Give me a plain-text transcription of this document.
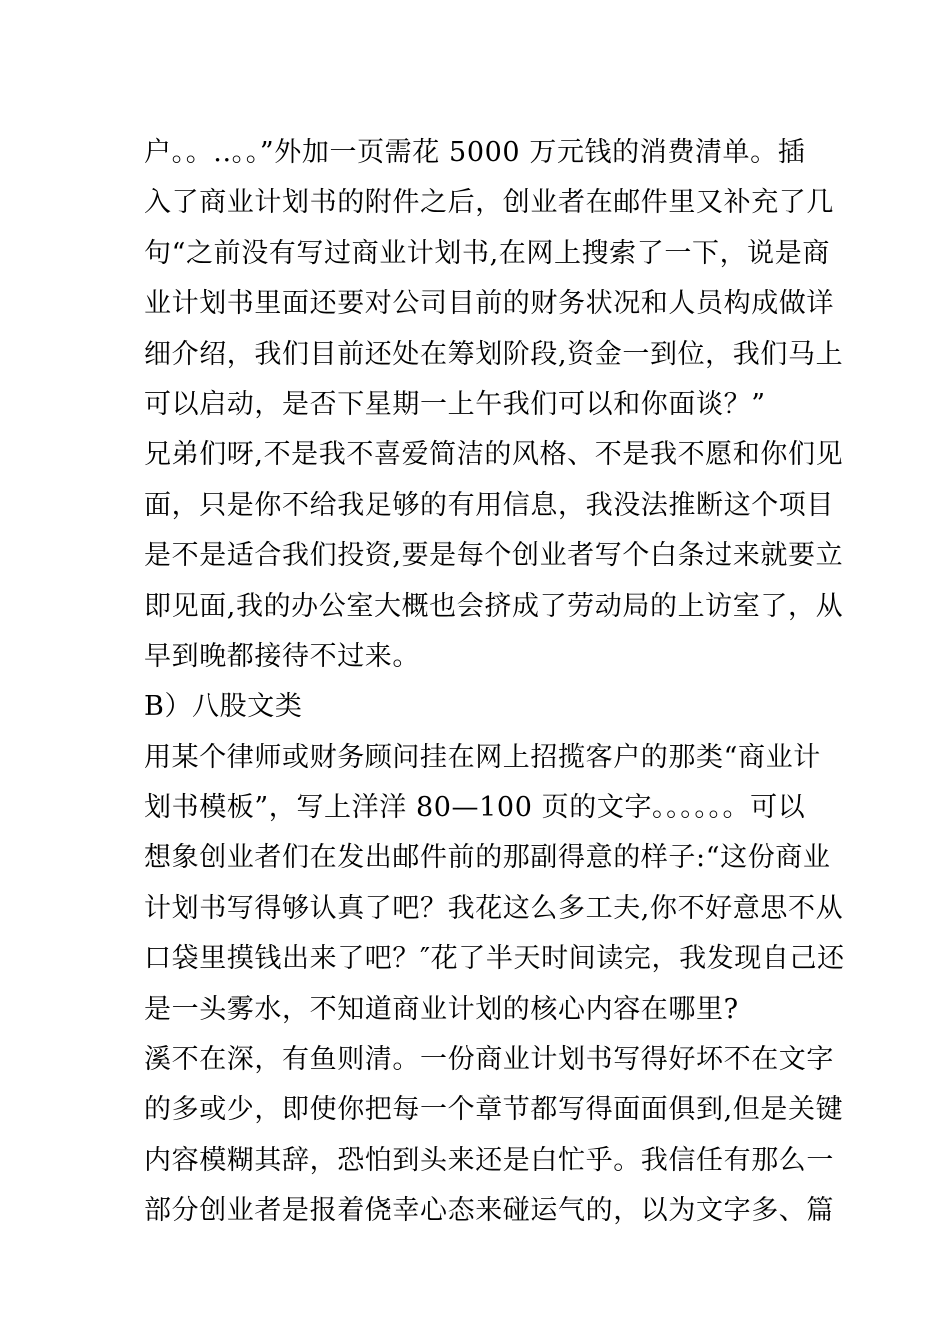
户。。..。。”外加一页需花 5000 万元钱的消费清单。插
入了商业计划书的附件之后，创业者在邮件里又补充了几
句“之前没有写过商业计划书,在网上搜索了一下，说是商
业计划书里面还要对公司目前的财务状况和人员构成做详
细介绍，我们目前还处在筹划阶段,资金一到位，我们马上
可以启动，是否下星期一上午我们可以和你面谈？”
兄弟们呀,不是我不喜爱简洁的风格、不是我不愿和你们见
面，只是你不给我足够的有用信息，我没法推断这个项目
是不是适合我们投资,要是每个创业者写个白条过来就要立
即见面,我的办公室大概也会挤成了劳动局的上访室了，从
早到晚都接待不过来。
B）八股文类
用某个律师或财务顾问挂在网上招揽客户的那类“商业计
划书模板”，写上洋洋 80—100 页的文字。。。。。。可以
想象创业者们在发出邮件前的那副得意的样子:“这份商业
计划书写得够认真了吧？我花这么多工夫,你不好意思不从
口袋里摸钱出来了吧？″花了半天时间读完，我发现自己还
是一头雾水，不知道商业计划的核心内容在哪里?
溪不在深，有鱼则清。一份商业计划书写得好坏不在文字
的多或少，即使你把每一个章节都写得面面俱到,但是关键
内容模糊其辞，恐怕到头来还是白忙乎。我信任有那么一
部分创业者是报着侥幸心态来碰运气的，以为文字多、篇
